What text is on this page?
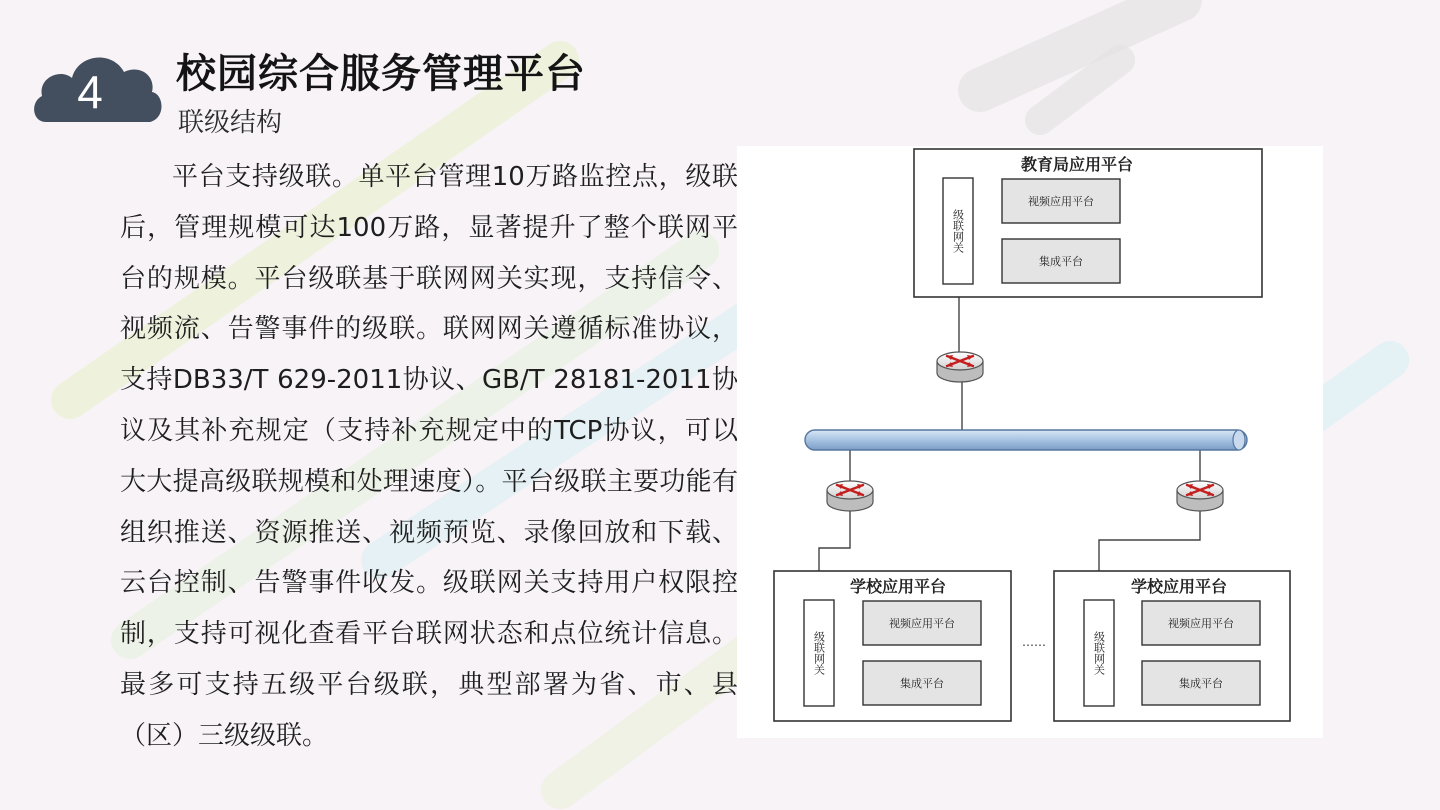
4	校园综合服务管理平台
联级结构

平台支持级联。单平台管理10万路监控点，级联后，管理规模可达100万路，显著提升了整个联网平台的规模。平台级联基于联网网关实现，支持信令、视频流、告警事件的级联。联网网关遵循标准协议，支持DB33/T 629-2011协议、GB/T 28181-2011协议及其补充规定（支持补充规定中的TCP协议，可以大大提高级联规模和处理速度）。平台级联主要功能有组织推送、资源推送、视频预览、录像回放和下载、云台控制、告警事件收发。级联网关支持用户权限控制，支持可视化查看平台联网状态和点位统计信息。最多可支持五级平台级联，典型部署为省、市、县（区）三级级联。

教育局应用平台
级联网关
视频应用平台
集成平台
学校应用平台
级联网关
视频应用平台
集成平台
……
学校应用平台
级联网关
视频应用平台
集成平台
